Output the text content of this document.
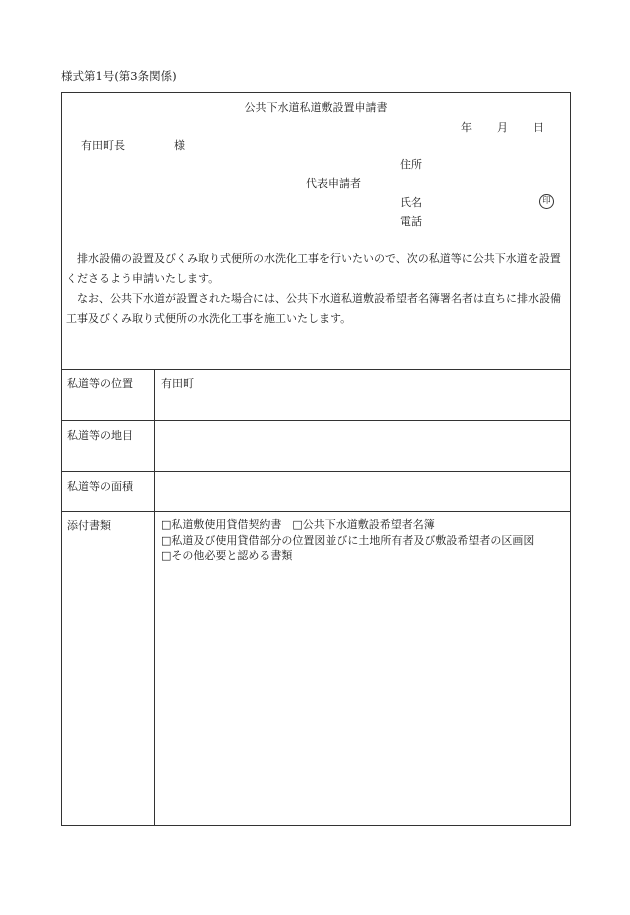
様式第1号(第3条関係)
公共下水道私道敷設置申請書
年 月 日
有田町長	様
住所
代表申請者
氏名	印
電話

排水設備の設置及びくみ取り式便所の水洗化工事を行いたいので、次の私道等に公共下水道を設置くださるよう申請いたします。

なお、公共下水道が設置された場合には、公共下水道私道敷設希望者名簿署名者は直ちに排水設備工事及びくみ取り式便所の水洗化工事を施工いたします。

私道等の位置	有田町
私道等の地目
私道等の面積
添付書類	□私道敷使用貸借契約書　□公共下水道敷設希望者名簿
□私道及び使用貸借部分の位置図並びに土地所有者及び敷設希望者の区画図
□その他必要と認める書類
